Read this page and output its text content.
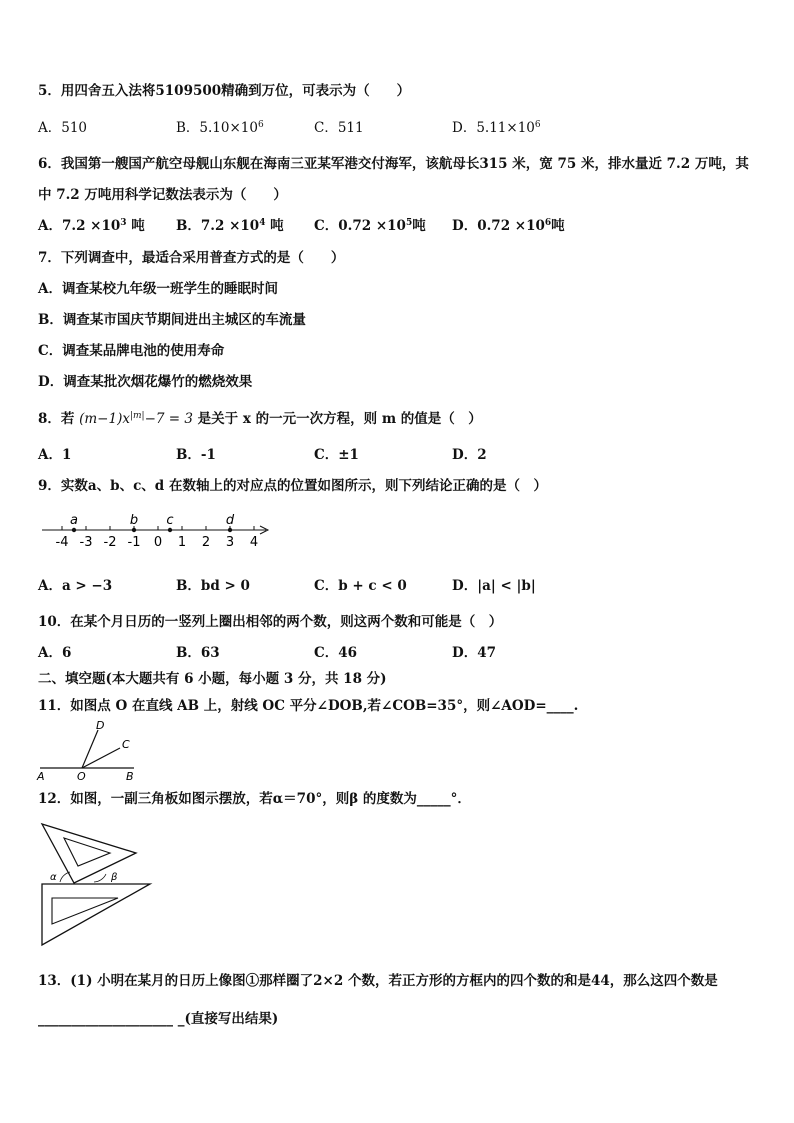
5．用四舍五入法将5109500精确到万位，可表示为（　　）
A．510	B．$5.10\times 10^6$	C．511	D．$5.11\times 10^6$
6．我国第一艘国产航空母舰山东舰在海南三亚某军港交付海军，该航母长315 米，宽 75 米，排水量近 7.2 万吨，其
中 7.2 万吨用科学记数法表示为（　　）
A．$7.2 \times 10^3$ 吨 B．$7.2 \times 10^4$ 吨 C．$0.72 \times 10^5$吨 D．$0.72 \times 10^6$吨
7．下列调查中，最适合采用普查方式的是（　　）
A．调查某校九年级一班学生的睡眠时间
B．调查某市国庆节期间进出主城区的车流量
C．调查某品牌电池的使用寿命
D．调查某批次烟花爆竹的燃烧效果
8．若 $(m-1)x^{|m|}-7 = 3$ 是关于 x 的一元一次方程，则 m 的值是（　）
A．1	B．-1	C．±1	D．2
9．实数a、b、c、d 在数轴上的对应点的位置如图所示，则下列结论正确的是（　）
-4 -3 -2 -1 0 1 2 3 4
a	b c	d
A．a > −3	B．bd > 0	C．b + c < 0	D．|a| < |b|
10．在某个月日历的一竖列上圈出相邻的两个数，则这两个数和可能是（　）
A．6	B．63	C．46	D．47
二、填空题(本大题共有 6 小题，每小题 3 分，共 18 分)
11．如图点 O 在直线 AB 上，射线 OC 平分∠DOB,若∠COB=35°，则∠AOD=____.
D
C
A	O	B
12．如图，一副三角板如图示摆放，若α＝70°，则β 的度数为_____°．
α	β
13．(1) 小明在某月的日历上像图①那样圈了2×2 个数，若正方形的方框内的四个数的和是44，那么这四个数是
____________________ _(直接写出结果)
